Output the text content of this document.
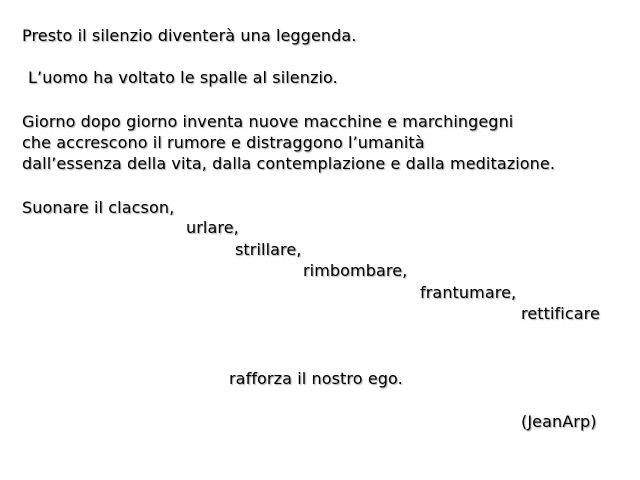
Presto il silenzio diventerà una leggenda.
L’uomo ha voltato le spalle al silenzio.
Giorno dopo giorno inventa nuove macchine e marchingegni
che accrescono il rumore e distraggono l’umanità
dall’essenza della vita, dalla contemplazione e dalla meditazione.
Suonare il clacson,
urlare,
strillare,
rimbombare,
frantumare,
rettificare
rafforza il nostro ego.
(JeanArp)
